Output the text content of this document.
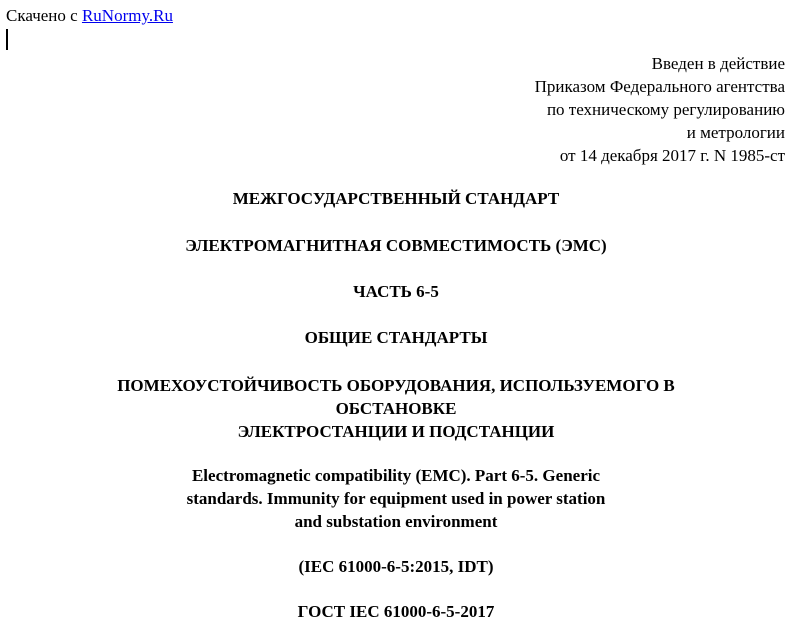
Скачено с RuNormy.Ru
Введен в действие
Приказом Федерального агентства
по техническому регулированию
и метрологии
от 14 декабря 2017 г. N 1985-ст
МЕЖГОСУДАРСТВЕННЫЙ СТАНДАРТ
ЭЛЕКТРОМАГНИТНАЯ СОВМЕСТИМОСТЬ (ЭМС)
ЧАСТЬ 6-5
ОБЩИЕ СТАНДАРТЫ
ПОМЕХОУСТОЙЧИВОСТЬ ОБОРУДОВАНИЯ, ИСПОЛЬЗУЕМОГО В
ОБСТАНОВКЕ
ЭЛЕКТРОСТАНЦИИ И ПОДСТАНЦИИ
Electromagnetic compatibility (EMC). Part 6-5. Generic
standards. Immunity for equipment used in power station
and substation environment
(IEC 61000-6-5:2015, IDT)
ГОСТ IEC 61000-6-5-2017
